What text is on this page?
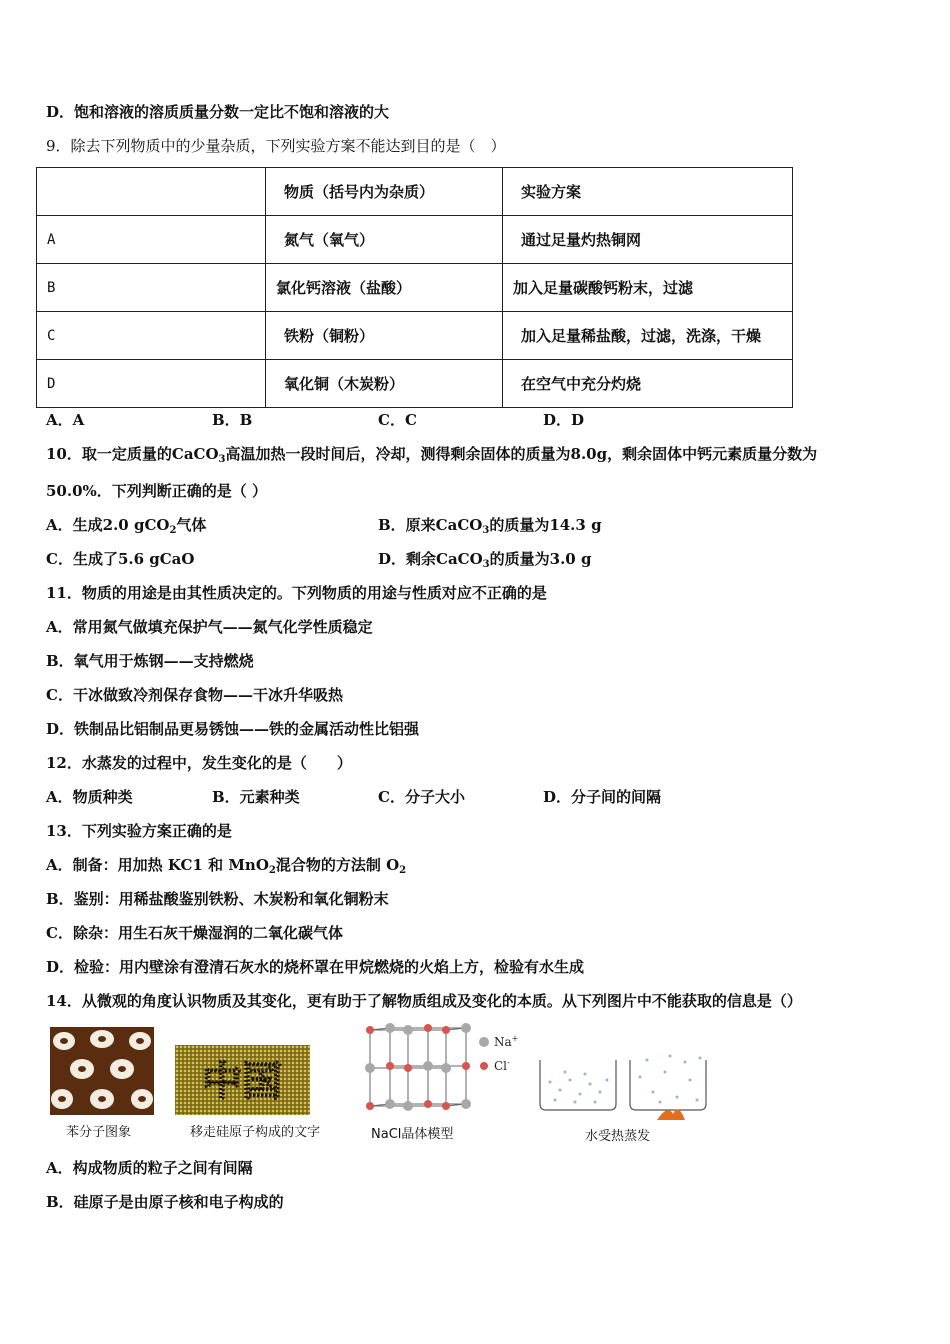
D．饱和溶液的溶质质量分数一定比不饱和溶液的大
9．除去下列物质中的少量杂质，下列实验方案不能达到目的是（　）
	物质（括号内为杂质）	实验方案
A	氮气（氧气）	通过足量灼热铜网
B	氯化钙溶液（盐酸）	加入足量碳酸钙粉末，过滤
C	铁粉（铜粉）	加入足量稀盐酸，过滤，洗涤，干燥
D	氧化铜（木炭粉）	在空气中充分灼烧
A．A	B．B	C．C	D．D
10．取一定质量的CaCO$_3$高温加热一段时间后，冷却，测得剩余固体的质量为8.0g，剩余固体中钙元素质量分数为
50.0%．下列判断正确的是（ ）
A．生成2.0 gCO$_2$气体	B．原来CaCO$_3$的质量为14.3 g
C．生成了5.6 gCaO	D．剩余CaCO$_3$的质量为3.0 g
11．物质的用途是由其性质决定的。下列物质的用途与性质对应不正确的是
A．常用氮气做填充保护气——氮气化学性质稳定
B．氧气用于炼钢——支持燃烧
C．干冰做致冷剂保存食物——干冰升华吸热
D．铁制品比铝制品更易锈蚀——铁的金属活动性比铝强
12．水蒸发的过程中，发生变化的是（　　）
A．物质种类	B．元素种类	C．分子大小	D．分子间的间隔
13．下列实验方案正确的是
A．制备：用加热 KC1 和 MnO$_2$混合物的方法制 $O_2$
B．鉴别：用稀盐酸鉴别铁粉、木炭粉和氧化铜粉末
C．除杂：用生石灰干燥湿润的二氧化碳气体
D．检验：用内壁涂有澄清石灰水的烧杯罩在甲烷燃烧的火焰上方，检验有水生成
14．从微观的角度认识物质及其变化，更有助于了解物质组成及变化的本质。从下列图片中不能获取的信息是（）
苯分子图象
中国
移走硅原子构成的文字
Na+
Cl-
NaCl晶体模型	水受热蒸发
A．构成物质的粒子之间有间隔
B．硅原子是由原子核和电子构成的
